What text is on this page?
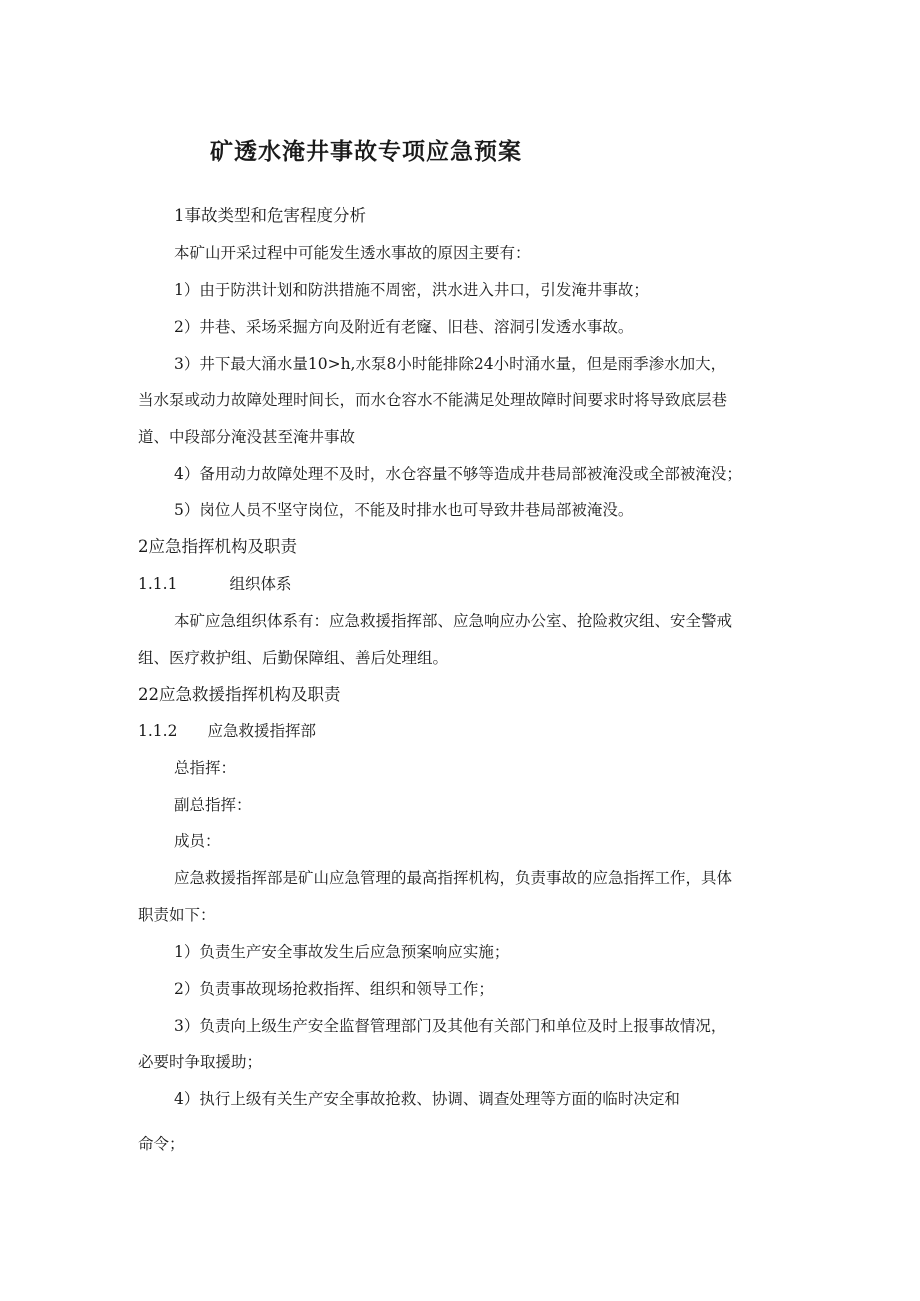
矿透水淹井事故专项应急预案
1事故类型和危害程度分析
本矿山开采过程中可能发生透水事故的原因主要有：
1）由于防洪计划和防洪措施不周密，洪水进入井口，引发淹井事故；
2）井巷、采场采掘方向及附近有老窿、旧巷、溶洞引发透水事故。
3）井下最大涌水量10>h,水泵8小时能排除24小时涌水量，但是雨季渗水加大，
当水泵或动力故障处理时间长，而水仓容水不能满足处理故障时间要求时将导致底层巷
道、中段部分淹没甚至淹井事故
4）备用动力故障处理不及时，水仓容量不够等造成井巷局部被淹没或全部被淹没；
5）岗位人员不坚守岗位，不能及时排水也可导致井巷局部被淹没。
2应急指挥机构及职责
1.1.1	组织体系
本矿应急组织体系有：应急救援指挥部、应急响应办公室、抢险救灾组、安全警戒
组、医疗救护组、后勤保障组、善后处理组。
22应急救援指挥机构及职责
1.1.2 应急救援指挥部
总指挥：
副总指挥：
成员：
应急救援指挥部是矿山应急管理的最高指挥机构，负责事故的应急指挥工作，具体
职责如下：
1）负责生产安全事故发生后应急预案响应实施；
2）负责事故现场抢救指挥、组织和领导工作；
3）负责向上级生产安全监督管理部门及其他有关部门和单位及时上报事故情况，
必要时争取援助；
4）执行上级有关生产安全事故抢救、协调、调查处理等方面的临时决定和
命令；
